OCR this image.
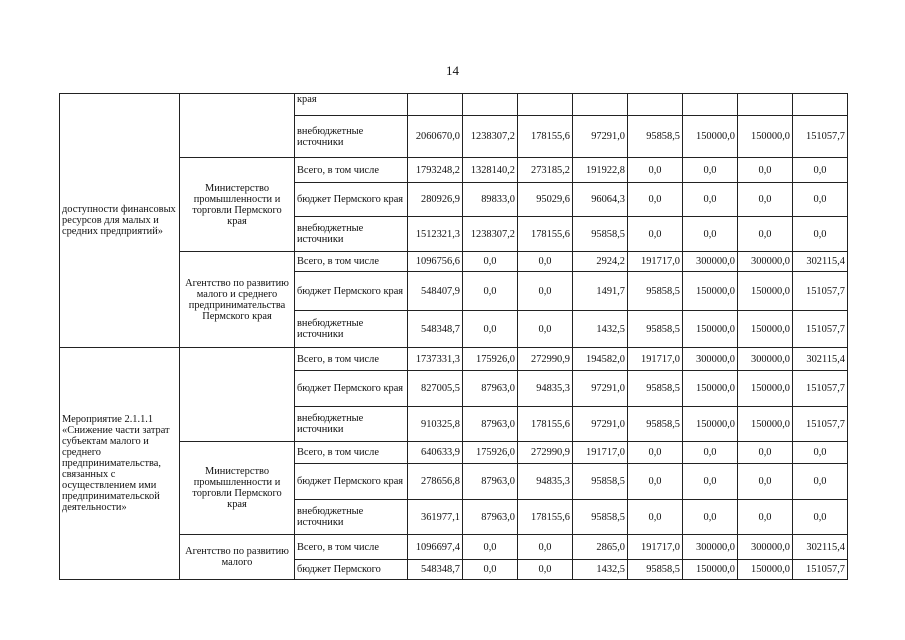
14
доступности финансовых ресурсов для малых и средних предприятий»		края								
		внебюджетные источники	2060670,0	1238307,2	178155,6	97291,0	95858,5	150000,0	150000,0	151057,7
	Министерство промышленности и торговли Пермского края	Всего, в том числе	1793248,2	1328140,2	273185,2	191922,8	0,0	0,0	0,0	0,0
		бюджет Пермского края	280926,9	89833,0	95029,6	96064,3	0,0	0,0	0,0	0,0
		внебюджетные источники	1512321,3	1238307,2	178155,6	95858,5	0,0	0,0	0,0	0,0
	Агентство по развитию малого и среднего предпринимательства Пермского края	Всего, в том числе	1096756,6	0,0	0,0	2924,2	191717,0	300000,0	300000,0	302115,4
		бюджет Пермского края	548407,9	0,0	0,0	1491,7	95858,5	150000,0	150000,0	151057,7
		внебюджетные источники	548348,7	0,0	0,0	1432,5	95858,5	150000,0	150000,0	151057,7
Мероприятие 2.1.1.1 «Снижение части затрат субъектам малого и среднего предпринимательства, связанных с осуществлением ими предпринимательской деятельности»		Всего, в том числе	1737331,3	175926,0	272990,9	194582,0	191717,0	300000,0	300000,0	302115,4
		бюджет Пермского края	827005,5	87963,0	94835,3	97291,0	95858,5	150000,0	150000,0	151057,7
		внебюджетные источники	910325,8	87963,0	178155,6	97291,0	95858,5	150000,0	150000,0	151057,7
	Министерство промышленности и торговли Пермского края	Всего, в том числе	640633,9	175926,0	272990,9	191717,0	0,0	0,0	0,0	0,0
		бюджет Пермского края	278656,8	87963,0	94835,3	95858,5	0,0	0,0	0,0	0,0
		внебюджетные источники	361977,1	87963,0	178155,6	95858,5	0,0	0,0	0,0	0,0
	Агентство по развитию малого	Всего, в том числе	1096697,4	0,0	0,0	2865,0	191717,0	300000,0	300000,0	302115,4
		бюджет Пермского	548348,7	0,0	0,0	1432,5	95858,5	150000,0	150000,0	151057,7
